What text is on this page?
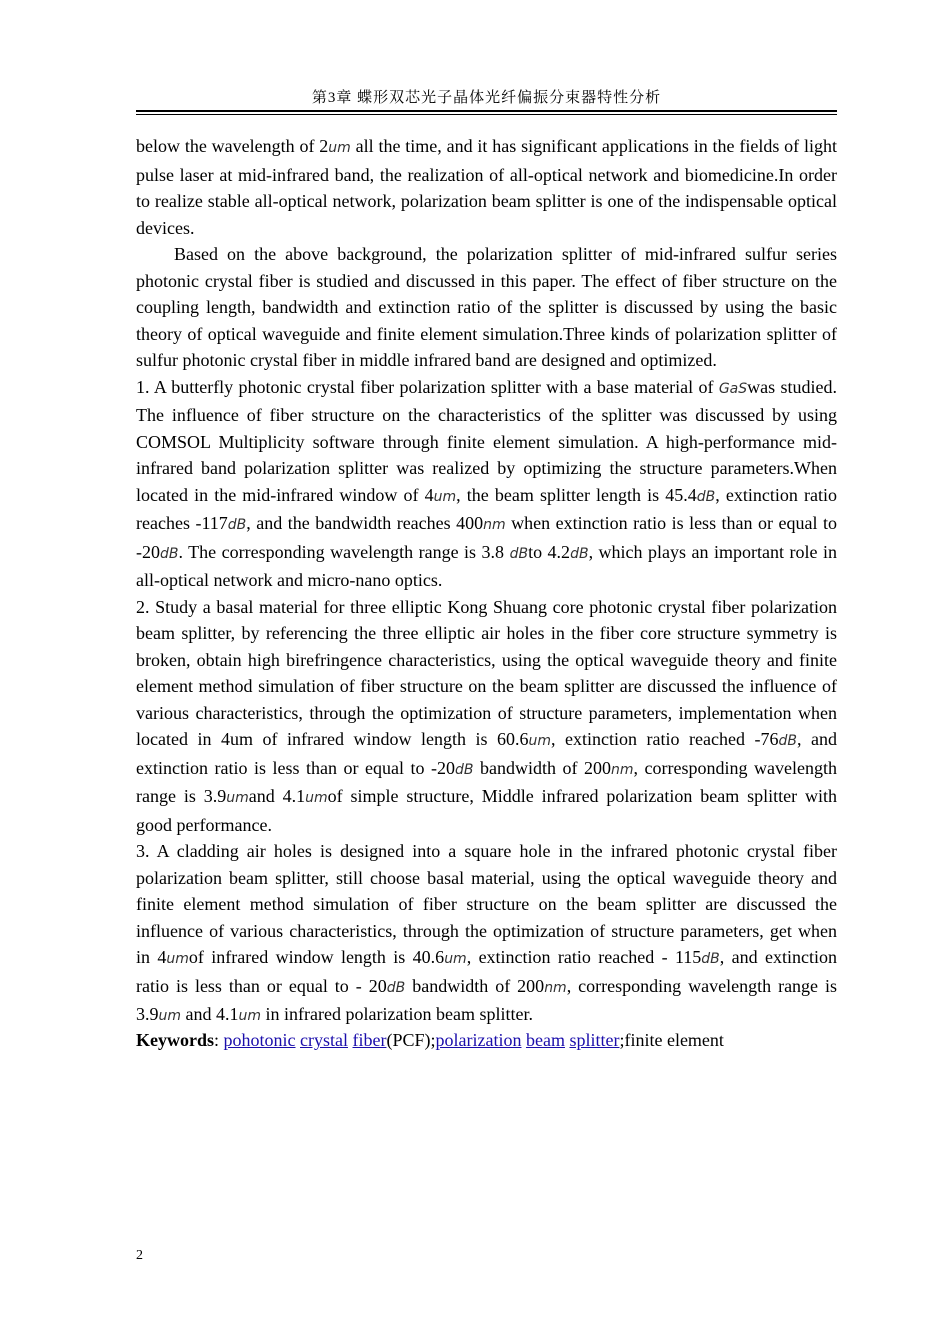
第3章 蝶形双芯光子晶体光纤偏振分束器特性分析

below the wavelength of 2um all the time, and it has significant applications in the fields of light pulse laser at mid-infrared band, the realization of all-optical network and biomedicine.In order to realize stable all-optical network, polarization beam splitter is one of the indispensable optical devices.

Based on the above background, the polarization splitter of mid-infrared sulfur series photonic crystal fiber is studied and discussed in this paper. The effect of fiber structure on the coupling length, bandwidth and extinction ratio of the splitter is discussed by using the basic theory of optical waveguide and finite element simulation.Three kinds of polarization splitter of sulfur photonic crystal fiber in middle infrared band are designed and optimized.

1. A butterfly photonic crystal fiber polarization splitter with a base material of GaSwas studied. The influence of fiber structure on the characteristics of the splitter was discussed by using COMSOL Multiplicity software through finite element simulation. A high-performance mid-infrared band polarization splitter was realized by optimizing the structure parameters.When located in the mid-infrared window of 4um, the beam splitter length is 45.4dB, extinction ratio reaches -117dB, and the bandwidth reaches 400nm when extinction ratio is less than or equal to -20dB. The corresponding wavelength range is 3.8 dBto 4.2dB, which plays an important role in all-optical network and micro-nano optics.

2. Study a basal material for three elliptic Kong Shuang core photonic crystal fiber polarization beam splitter, by referencing the three elliptic air holes in the fiber core structure symmetry is broken, obtain high birefringence characteristics, using the optical waveguide theory and finite element method simulation of fiber structure on the beam splitter are discussed the influence of various characteristics, through the optimization of structure parameters, implementation when located in 4um of infrared window length is 60.6um, extinction ratio reached -76dB, and extinction ratio is less than or equal to -20dB bandwidth of 200nm, corresponding wavelength range is 3.9umand 4.1umof simple structure, Middle infrared polarization beam splitter with good performance.

3. A cladding air holes is designed into a square hole in the infrared photonic crystal fiber polarization beam splitter, still choose basal material, using the optical waveguide theory and finite element method simulation of fiber structure on the beam splitter are discussed the influence of various characteristics, through the optimization of structure parameters, get when in 4umof infrared window length is 40.6um, extinction ratio reached - 115dB, and extinction ratio is less than or equal to - 20dB bandwidth of 200nm, corresponding wavelength range is 3.9um and 4.1um in infrared polarization beam splitter.

Keywords: pohotonic crystal fiber(PCF);polarization beam splitter;finite element
2
